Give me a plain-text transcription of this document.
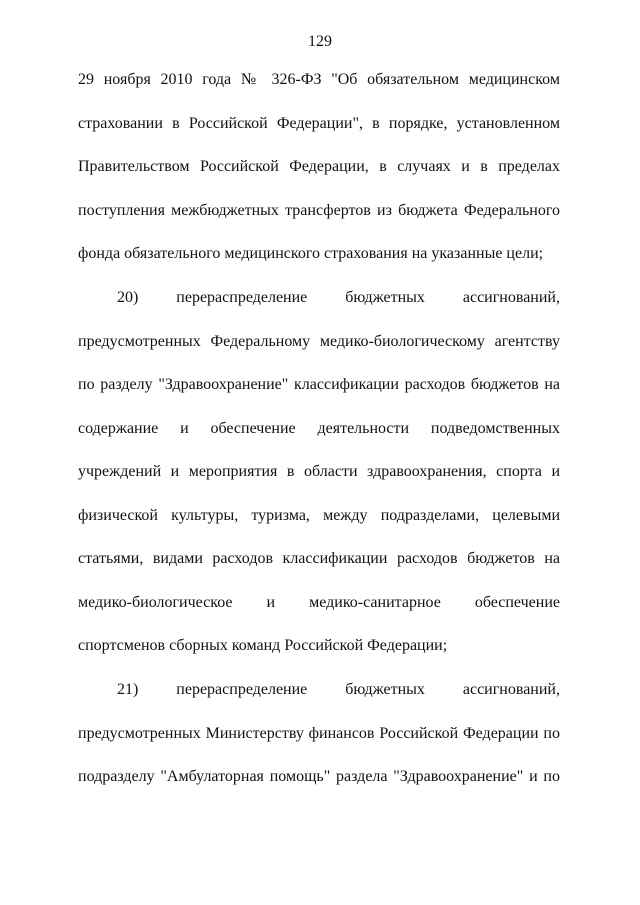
129
29 ноября 2010 года № 326-ФЗ "Об обязательном медицинском
страховании в Российской Федерации", в порядке, установленном
Правительством Российской Федерации, в случаях и в пределах
поступления межбюджетных трансфертов из бюджета Федерального
фонда обязательного медицинского страхования на указанные цели;
20) перераспределение бюджетных ассигнований,
предусмотренных Федеральному медико-биологическому агентству
по разделу "Здравоохранение" классификации расходов бюджетов на
содержание и обеспечение деятельности подведомственных
учреждений и мероприятия в области здравоохранения, спорта и
физической культуры, туризма, между подразделами, целевыми
статьями, видами расходов классификации расходов бюджетов на
медико-биологическое и медико-санитарное обеспечение
спортсменов сборных команд Российской Федерации;
21) перераспределение бюджетных ассигнований,
предусмотренных Министерству финансов Российской Федерации по
подразделу "Амбулаторная помощь" раздела "Здравоохранение" и по
